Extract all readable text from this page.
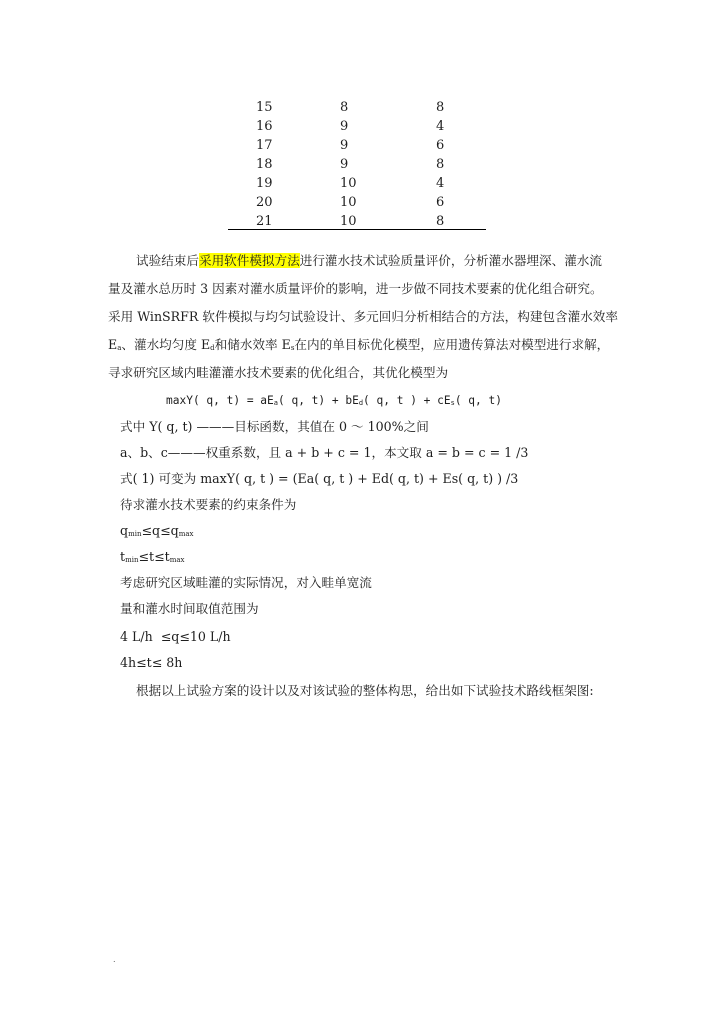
15	8	8
16	9	4
17	9	6
18	9	8
19	10	4
20	10	6
21	10	8
试验结束后采用软件模拟方法进行灌水技术试验质量评价，分析灌水器埋深、灌水流
量及灌水总历时 3 因素对灌水质量评价的影响，进一步做不同技术要素的优化组合研究。
采用 WinSRFR 软件模拟与均匀试验设计、多元回归分析相结合的方法，构建包含灌水效率
$E_a$、灌水均匀度 $E_d$和储水效率 $E_s$在内的单目标优化模型，应用遗传算法对模型进行求解，
寻求研究区域内畦灌灌水技术要素的优化组合，其优化模型为
maxY( q, $t) = aE_a$( q, $t) + bE_d$( q, t ) + $cE_s$( q, t)
式中 Y( q, t) ———目标函数，其值在 0 ～ 100%之间
a、b、c———权重系数，且 a + b + c = 1，本文取 a = b = c = 1 /3
式( 1) 可变为 maxY( q, t ) = (Ea( q, t ) + Ed( q, t) + Es( q, t) ) /3
待求灌水技术要素的约束条件为
$q_{min}\le q\le q_{max}$
$t_{min}\le t\le t_{max}$
考虑研究区域畦灌的实际情况，对入畦单宽流
量和灌水时间取值范围为
4 L/h  ≤q≤10 L/h
4h≤t≤ 8h
根据以上试验方案的设计以及对该试验的整体构思，给出如下试验技术路线框架图:
.
